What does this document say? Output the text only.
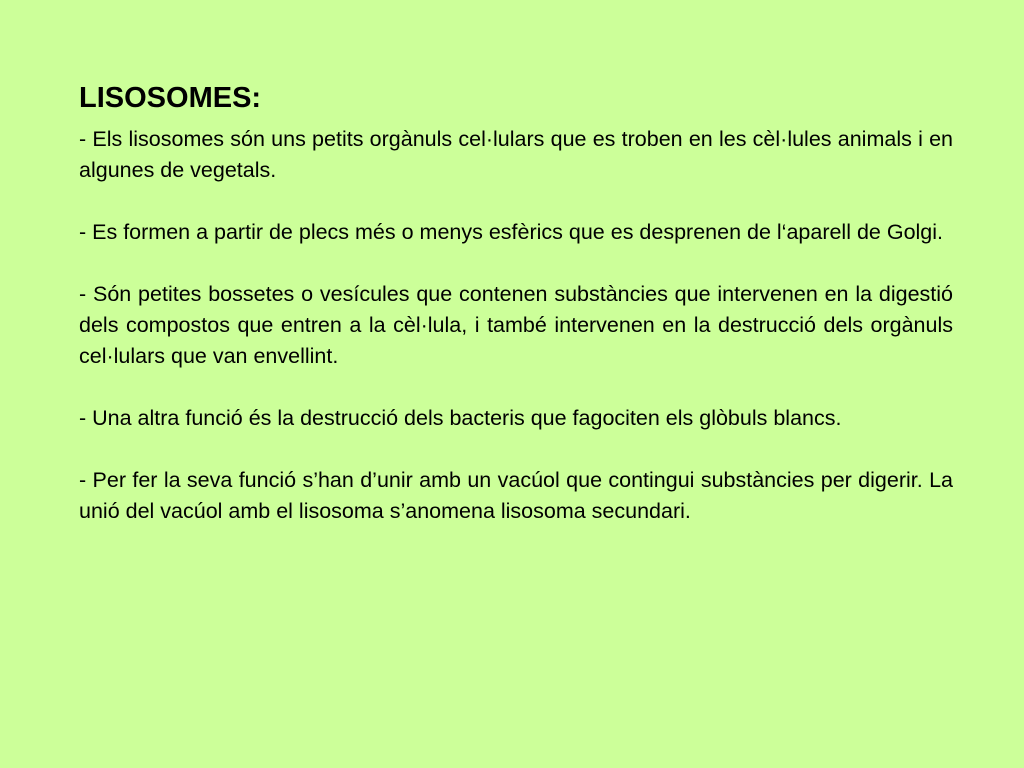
LISOSOMES:

- Els lisosomes són uns petits orgànuls cel·lulars que es troben en les cèl·lules animals i en algunes de vegetals.

- Es formen a partir de plecs més o menys esfèrics que es desprenen de l‘aparell de Golgi.

- Són petites bossetes o vesícules que contenen substàncies que intervenen en la digestió dels compostos que entren a la cèl·lula, i també intervenen en la destrucció dels orgànuls cel·lulars que van envellint.

- Una altra funció és la destrucció dels bacteris que fagociten els glòbuls blancs.

- Per fer la seva funció s’han d’unir amb un vacúol que contingui substàncies per digerir. La unió del vacúol amb el lisosoma s’anomena lisosoma secundari.
